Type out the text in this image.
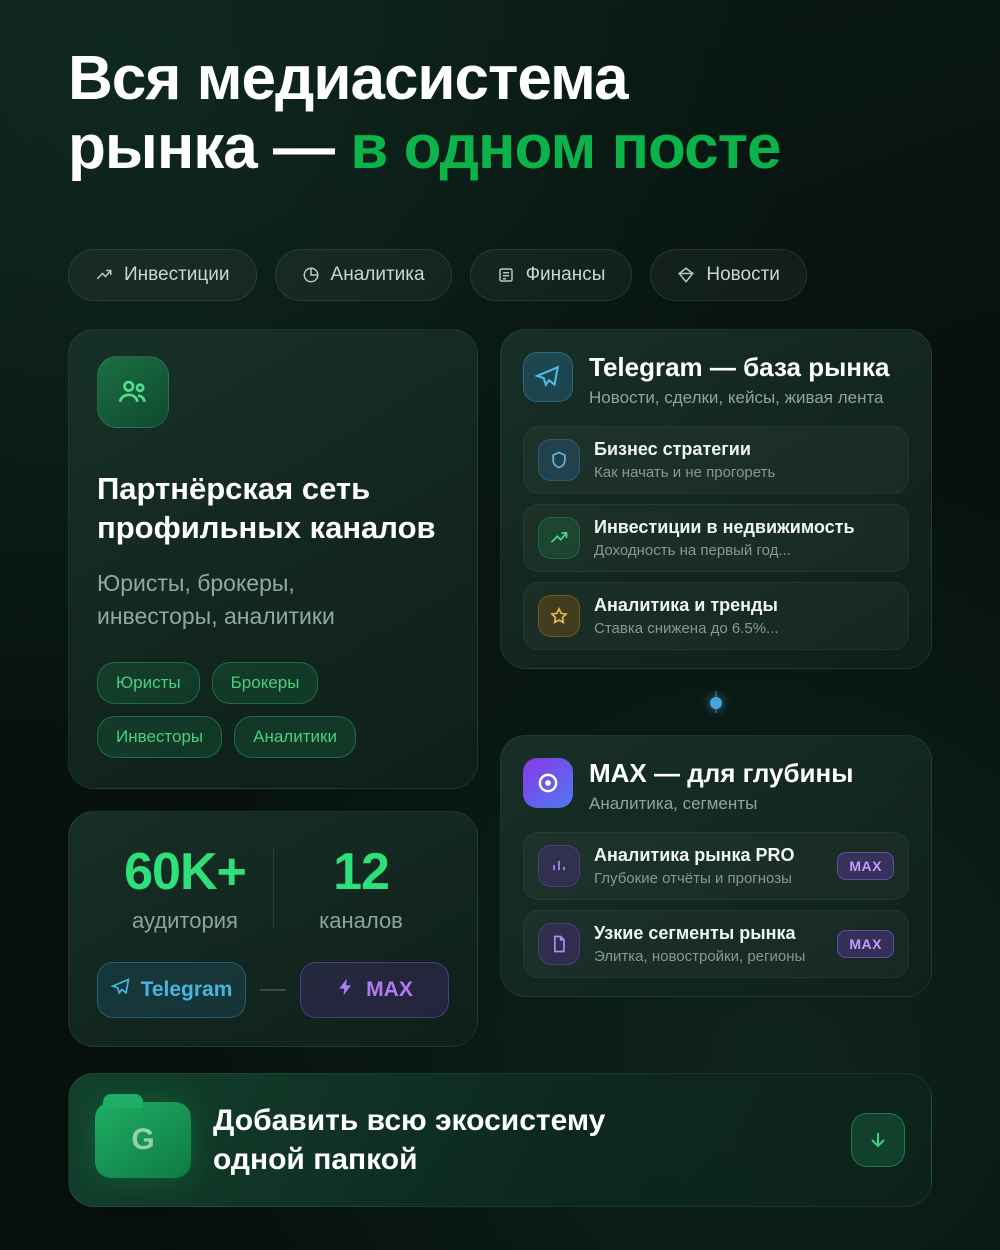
Вся медиасистема
рынка — в одном посте
Инвестиции	Аналитика	Финансы	Новости
Партнёрская сеть
профильных каналов

Юристы, брокеры,
инвесторы, аналитики

Юристы	Брокеры
Инвесторы	Аналитики
60K+
аудитория
12
каналов
Telegram	MAX
Telegram — база рынка
Новости, сделки, кейсы, живая лента
Бизнес стратегии
Как начать и не прогореть
Инвестиции в недвижимость
Доходность на первый год...
Аналитика и тренды
Ставка снижена до 6.5%...
MAX — для глубины
Аналитика, сегменты
Аналитика рынка PRO
Глубокие отчёты и прогнозы
MAX
Узкие сегменты рынка
Элитка, новостройки, регионы
MAX
G
Добавить всю экосистему
одной папкой
